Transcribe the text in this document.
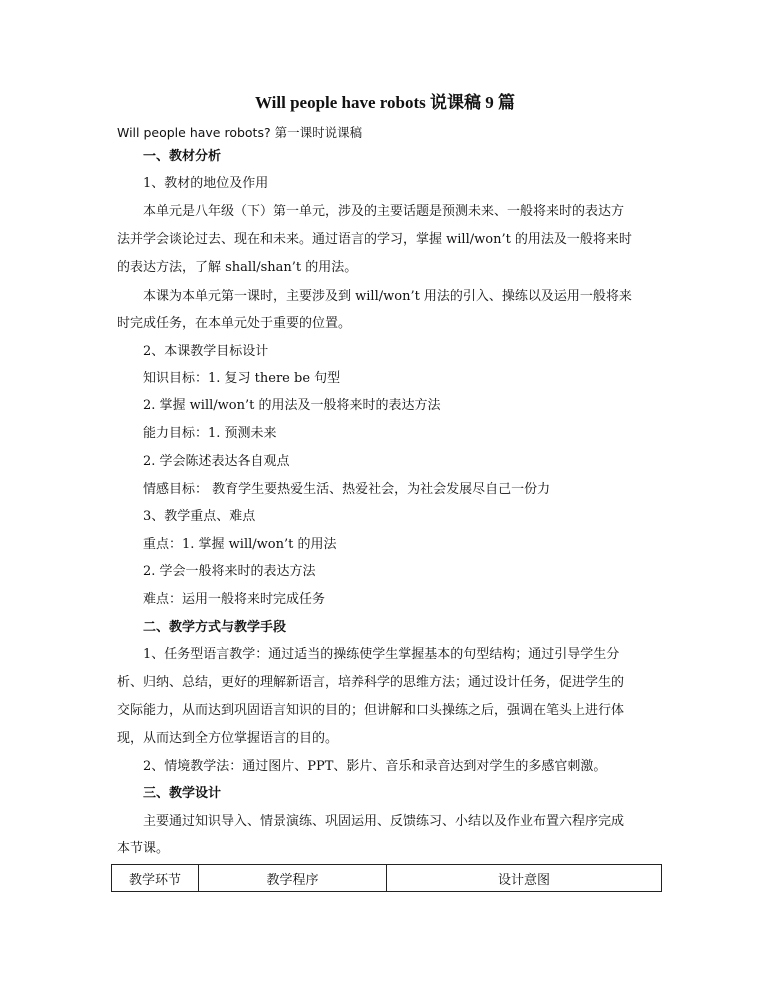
Will people have robots 说课稿 9 篇
Will people have robots? 第一课时说课稿
一、教材分析
1、教材的地位及作用
本单元是八年级（下）第一单元，涉及的主要话题是预测未来、一般将来时的表达方
法并学会谈论过去、现在和未来。通过语言的学习，掌握 will/won’t 的用法及一般将来时
的表达方法，了解 shall/shan’t 的用法。
本课为本单元第一课时，主要涉及到 will/won’t 用法的引入、操练以及运用一般将来
时完成任务，在本单元处于重要的位置。
2、本课教学目标设计
知识目标：1. 复习 there be 句型
2. 掌握 will/won’t 的用法及一般将来时的表达方法
能力目标：1. 预测未来
2. 学会陈述表达各自观点
情感目标： 教育学生要热爱生活、热爱社会，为社会发展尽自己一份力
3、教学重点、难点
重点：1. 掌握 will/won’t 的用法
2. 学会一般将来时的表达方法
难点：运用一般将来时完成任务
二、教学方式与教学手段
1、任务型语言教学：通过适当的操练使学生掌握基本的句型结构；通过引导学生分
析、归纳、总结，更好的理解新语言，培养科学的思维方法；通过设计任务，促进学生的
交际能力，从而达到巩固语言知识的目的；但讲解和口头操练之后，强调在笔头上进行体
现，从而达到全方位掌握语言的目的。
2、情境教学法：通过图片、PPT、影片、音乐和录音达到对学生的多感官刺激。
三、教学设计
主要通过知识导入、情景演练、巩固运用、反馈练习、小结以及作业布置六程序完成
本节课。
教学环节	教学程序	设计意图
